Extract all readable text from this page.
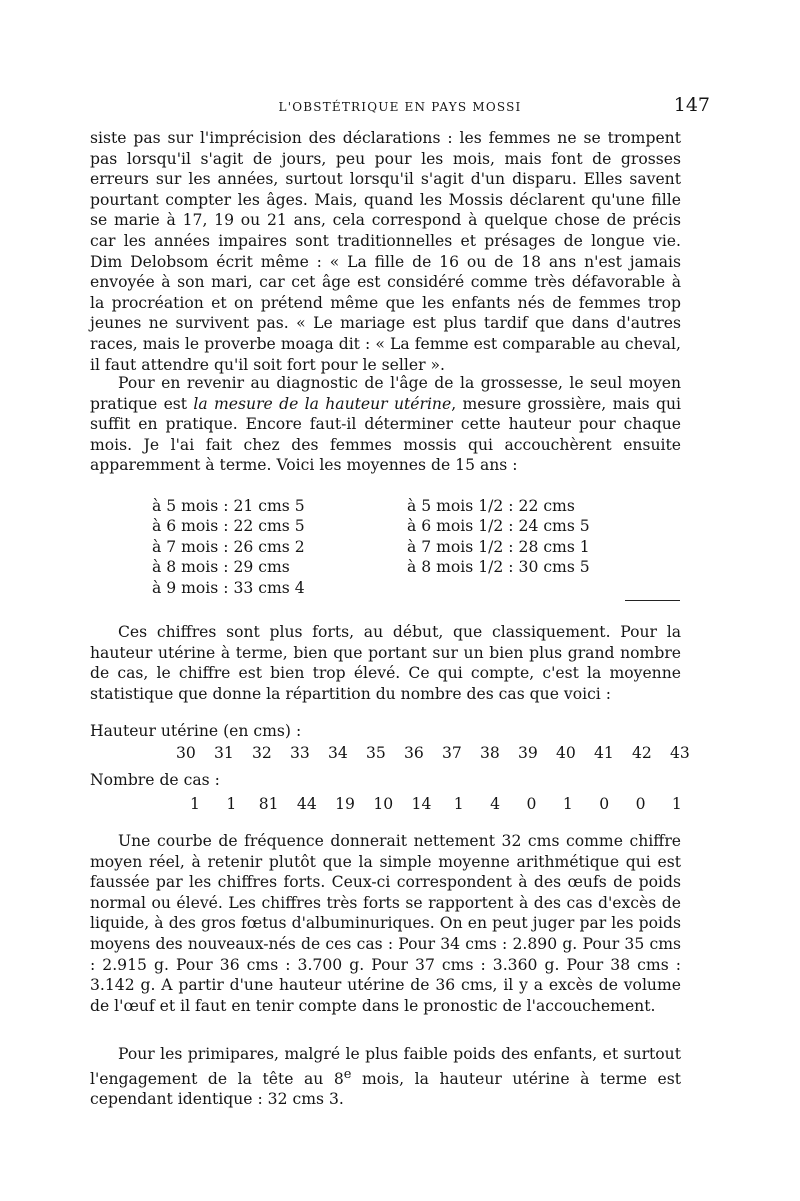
L'OBSTÉTRIQUE EN PAYS MOSSI	147

siste pas sur l'imprécision des déclarations : les femmes ne se trompent pas lorsqu'il s'agit de jours, peu pour les mois, mais font de grosses erreurs sur les années, surtout lorsqu'il s'agit d'un disparu. Elles savent pourtant compter les âges. Mais, quand les Mossis déclarent qu'une fille se marie à 17, 19 ou 21 ans, cela correspond à quelque chose de précis car les années impaires sont traditionnelles et présages de longue vie. Dim Delobsom écrit même : « La fille de 16 ou de 18 ans n'est jamais envoyée à son mari, car cet âge est considéré comme très défavorable à la procréation et on prétend même que les enfants nés de femmes trop jeunes ne survivent pas. « Le mariage est plus tardif que dans d'autres races, mais le proverbe moaga dit : « La femme est comparable au cheval, il faut attendre qu'il soit fort pour le seller ».

Pour en revenir au diagnostic de l'âge de la grossesse, le seul moyen pratique est la mesure de la hauteur utérine, mesure grossière, mais qui suffit en pratique. Encore faut-il déterminer cette hauteur pour chaque mois. Je l'ai fait chez des femmes mossis qui accouchèrent ensuite apparemment à terme. Voici les moyennes de 15 ans :

à 5 mois : 21 cms 5
à 6 mois : 22 cms 5
à 7 mois : 26 cms 2
à 8 mois : 29 cms
à 9 mois : 33 cms 4
à 5 mois 1/2 : 22 cms
à 6 mois 1/2 : 24 cms 5
à 7 mois 1/2 : 28 cms 1
à 8 mois 1/2 : 30 cms 5

Ces chiffres sont plus forts, au début, que classiquement. Pour la hauteur utérine à terme, bien que portant sur un bien plus grand nombre de cas, le chiffre est bien trop élevé. Ce qui compte, c'est la moyenne statistique que donne la répartition du nombre des cas que voici :

Hauteur utérine (en cms) :
30 31 32 33 34 35 36 37 38 39 40 41 42 43
Nombre de cas :
1 1 81 44 19 10 14 1 4 0 1 0 0 1

Une courbe de fréquence donnerait nettement 32 cms comme chiffre moyen réel, à retenir plutôt que la simple moyenne arithmétique qui est faussée par les chiffres forts. Ceux-ci correspondent à des œufs de poids normal ou élevé. Les chiffres très forts se rapportent à des cas d'excès de liquide, à des gros fœtus d'albuminuriques. On en peut juger par les poids moyens des nouveaux-nés de ces cas : Pour 34 cms : 2.890 g. Pour 35 cms : 2.915 g. Pour 36 cms : 3.700 g. Pour 37 cms : 3.360 g. Pour 38 cms : 3.142 g. A partir d'une hauteur utérine de 36 cms, il y a excès de volume de l'œuf et il faut en tenir compte dans le pronostic de l'accouchement.

Pour les primipares, malgré le plus faible poids des enfants, et surtout l'engagement de la tête au 8e mois, la hauteur utérine à terme est cependant identique : 32 cms 3.
